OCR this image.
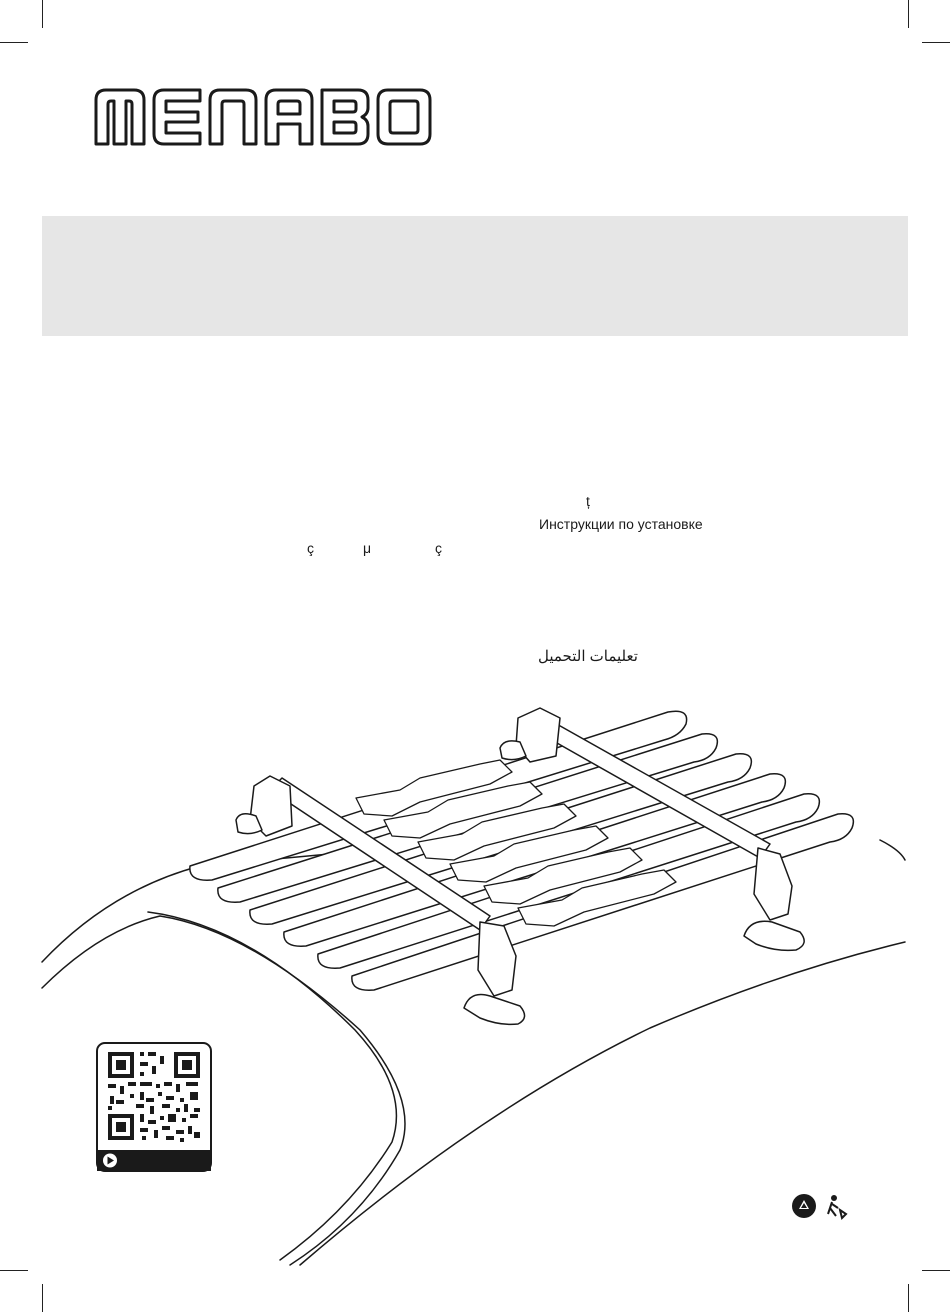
ț
Инструкции по установке
ç	μ	ç
تعليمات التحميل
